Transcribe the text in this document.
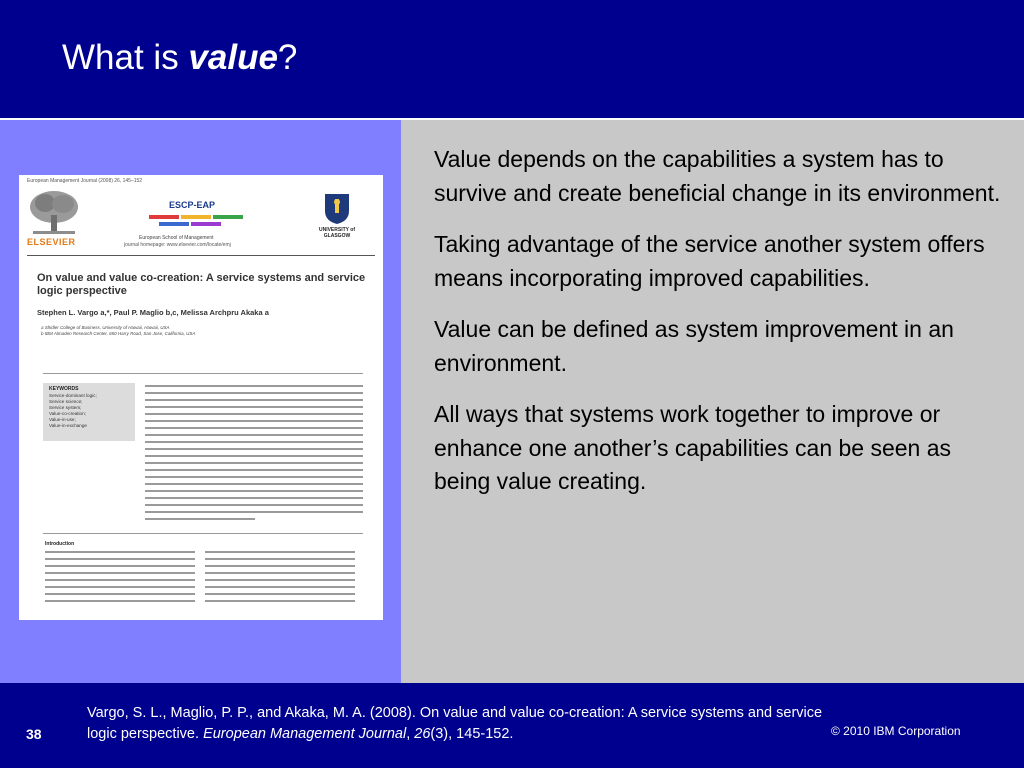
What is value?
European Management Journal (2008) 26, 145–152
ELSEVIER
ESCP-EAP
European School of Management
journal homepage: www.elsevier.com/locate/emj
UNIVERSITY of GLASGOW
On value and value co-creation: A service systems and service logic perspective
Stephen L. Vargo a,*, Paul P. Maglio b,c, Melissa Archpru Akaka a
a Shidler College of Business, University of Hawaii, Hawaii, USA
b IBM Almaden Research Center, 650 Harry Road, San Jose, California, USA
KEYWORDS
Service-dominant logic;
Service science;
Service system;
Value-co-creation;
Value-in-use;
Value-in-exchange
Introduction

Value depends on the capabilities a system has to survive and create beneficial change in its environment.

Taking advantage of the service another system offers means incorporating improved capabilities.

Value can be defined as system improvement in an environment.

All ways that systems work together to improve or enhance one another’s capabilities can be seen as being value creating.

38
Vargo, S. L., Maglio, P. P., and Akaka, M. A. (2008). On value and value co-creation: A service systems and service logic perspective. European Management Journal, 26(3), 145-152.	© 2010 IBM Corporation
